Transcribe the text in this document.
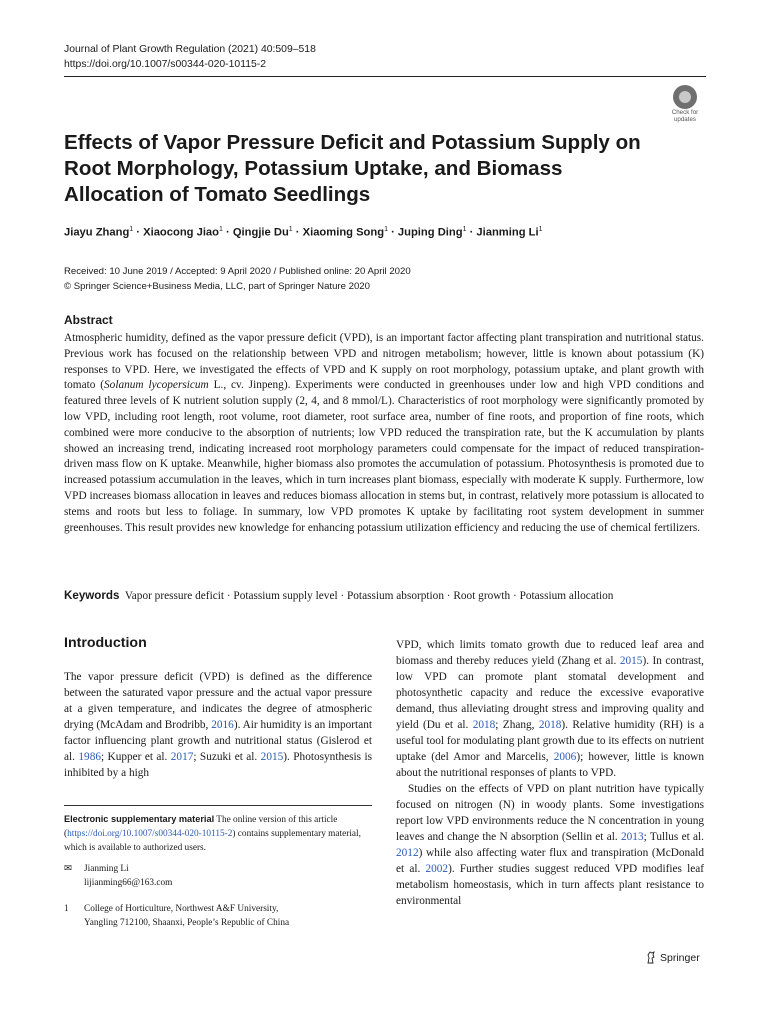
Journal of Plant Growth Regulation (2021) 40:509–518
https://doi.org/10.1007/s00344-020-10115-2
Check for
updates
Effects of Vapor Pressure Deficit and Potassium Supply on Root Morphology, Potassium Uptake, and Biomass Allocation of Tomato Seedlings
Jiayu Zhang$^1$ · Xiaocong Jiao$^1$ · Qingjie $Du^1$ · Xiaoming Song$^1$ · Juping Ding$^1$ · Jianming Li$^1$
Received: 10 June 2019 / Accepted: 9 April 2020 / Published online: 20 April 2020
© Springer Science+Business Media, LLC, part of Springer Nature 2020
Abstract
Atmospheric humidity, defined as the vapor pressure deficit (VPD), is an important factor affecting plant transpiration and nutritional status. Previous work has focused on the relationship between VPD and nitrogen metabolism; however, little is known about potassium (K) responses to VPD. Here, we investigated the effects of VPD and K supply on root morphology, potassium uptake, and plant growth with tomato (Solanum lycopersicum L., cv. Jinpeng). Experiments were conducted in greenhouses under low and high VPD conditions and featured three levels of K nutrient solution supply (2, 4, and 8 mmol/L). Characteristics of root morphology were significantly promoted by low VPD, including root length, root volume, root diameter, root surface area, number of fine roots, and proportion of fine roots, which combined were more conducive to the absorption of nutrients; low VPD reduced the transpiration rate, but the K accumulation by plants showed an increasing trend, indicating increased root morphology parameters could compensate for the impact of reduced transpiration-driven mass flow on K uptake. Meanwhile, higher biomass also promotes the accumulation of potassium. Photosynthesis is promoted due to increased potassium accumulation in the leaves, which in turn increases plant biomass, especially with moderate K supply. Furthermore, low VPD increases biomass allocation in leaves and reduces biomass allocation in stems but, in contrast, relatively more potassium is allocated to stems and roots but less to foliage. In summary, low VPD promotes K uptake by facilitating root system development in summer greenhouses. This result provides new knowledge for enhancing potassium utilization efficiency and reducing the use of chemical fertilizers.
Keywords Vapor pressure deficit · Potassium supply level · Potassium absorption · Root growth · Potassium allocation
Introduction

The vapor pressure deficit (VPD) is defined as the difference between the saturated vapor pressure and the actual vapor pressure at a given temperature, and indicates the degree of atmospheric drying (McAdam and Brodribb, 2016). Air humidity is an important factor influencing plant growth and nutritional status (Gislerod et al. 1986; Kupper et al. 2017; Suzuki et al. 2015). Photosynthesis is inhibited by a high

VPD, which limits tomato growth due to reduced leaf area and biomass and thereby reduces yield (Zhang et al. 2015). In contrast, low VPD can promote plant stomatal development and photosynthetic capacity and reduce the excessive evaporative demand, thus alleviating drought stress and improving quality and yield (Du et al. 2018; Zhang, 2018). Relative humidity (RH) is a useful tool for modulating plant growth due to its effects on nutrient uptake (del Amor and Marcelis, 2006); however, little is known about the nutritional responses of plants to VPD.

Studies on the effects of VPD on plant nutrition have typically focused on nitrogen (N) in woody plants. Some investigations report low VPD environments reduce the N concentration in young leaves and change the N absorption (Sellin et al. 2013; Tullus et al. 2012) while also affecting water flux and transpiration (McDonald et al. 2002). Further studies suggest reduced VPD modifies leaf metabolism homeostasis, which in turn affects plant resistance to environmental

Electronic supplementary material The online version of this article (https://doi.org/10.1007/s00344-020-10115-2) contains supplementary material, which is available to authorized users.
✉	Jianming Li
lijianming66@163.com
1	College of Horticulture, Northwest A&F University,
Yangling 712100, Shaanxi, People’s Republic of China
Springer
